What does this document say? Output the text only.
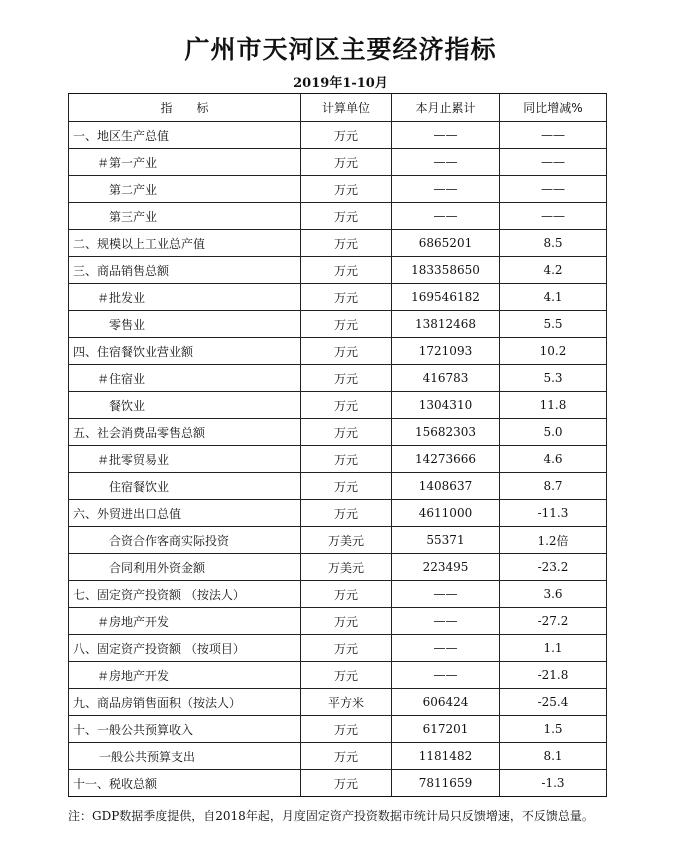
广州市天河区主要经济指标
2019年1-10月
指　　标	计算单位	本月止累计	同比增减%
一、地区生产总值	万元	——	——
＃第一产业	万元	——	——
第二产业	万元	——	——
第三产业	万元	——	——
二、规模以上工业总产值	万元	6865201	8.5
三、商品销售总额	万元	183358650	4.2
＃批发业	万元	169546182	4.1
零售业	万元	13812468	5.5
四、住宿餐饮业营业额	万元	1721093	10.2
＃住宿业	万元	416783	5.3
餐饮业	万元	1304310	11.8
五、社会消费品零售总额	万元	15682303	5.0
＃批零贸易业	万元	14273666	4.6
住宿餐饮业	万元	1408637	8.7
六、外贸进出口总值	万元	4611000	-11.3
合资合作客商实际投资	万美元	55371	1.2倍
合同利用外资金额	万美元	223495	-23.2
七、固定资产投资额 （按法人）	万元	——	3.6
＃房地产开发	万元	——	-27.2
八、固定资产投资额 （按项目）	万元	——	1.1
＃房地产开发	万元	——	-21.8
九、商品房销售面积（按法人）	平方米	606424	-25.4
十、一般公共预算收入	万元	617201	1.5
一般公共预算支出	万元	1181482	8.1
十一、税收总额	万元	7811659	-1.3
注：GDP数据季度提供，自2018年起，月度固定资产投资数据市统计局只反馈增速，不反馈总量。
